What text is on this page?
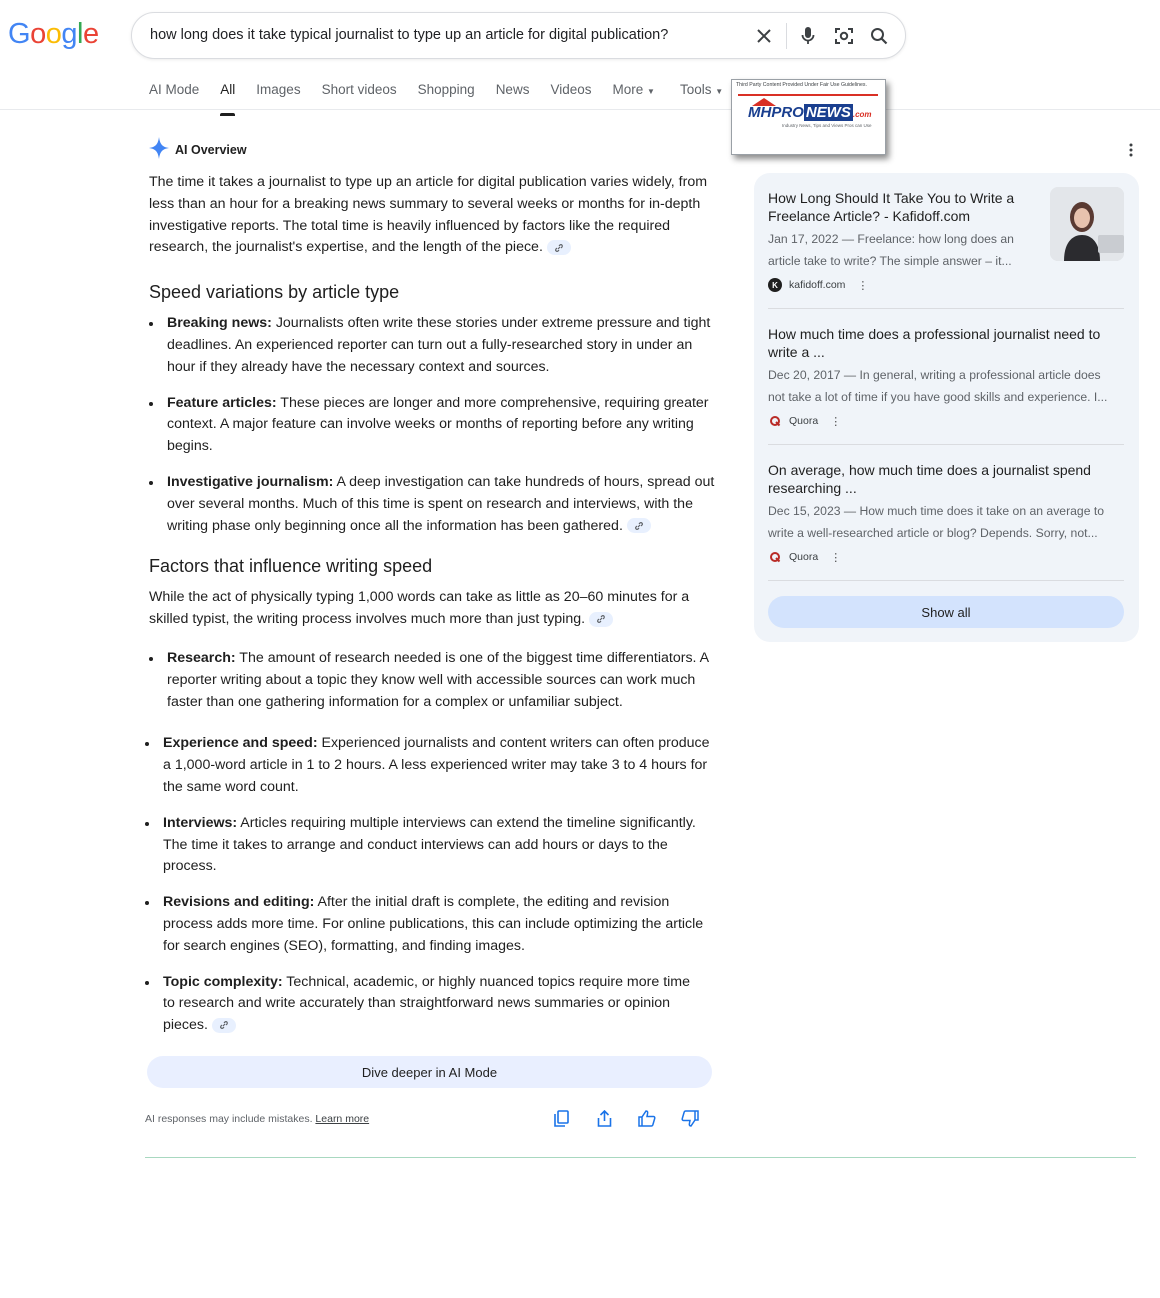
Google	how long does it take typical journalist to type up an article for digital publication?
AI Mode All Images Short videos Shopping News Videos More ▼ Tools ▼
Third Party Content Provided Under Fair Use Guidelines.
MHPRO NEWS .com
Industry News, Tips and Views Pros can Use
AI Overview

The time it takes a journalist to type up an article for digital publication varies widely, from less than an hour for a breaking news summary to several weeks or months for in-depth investigative reports. The total time is heavily influenced by factors like the required research, the journalist's expertise, and the length of the piece.

Speed variations by article type
Breaking news: Journalists often write these stories under extreme pressure and tight deadlines. An experienced reporter can turn out a fully-researched story in under an hour if they already have the necessary context and sources.
Feature articles: These pieces are longer and more comprehensive, requiring greater context. A major feature can involve weeks or months of reporting before any writing begins.
Investigative journalism: A deep investigation can take hundreds of hours, spread out over several months. Much of this time is spent on research and interviews, with the writing phase only beginning once all the information has been gathered.
Factors that influence writing speed

While the act of physically typing 1,000 words can take as little as 20–60 minutes for a skilled typist, the writing process involves much more than just typing.

Research: The amount of research needed is one of the biggest time differentiators. A reporter writing about a topic they know well with accessible sources can work much faster than one gathering information for a complex or unfamiliar subject.
Experience and speed: Experienced journalists and content writers can often produce a 1,000-word article in 1 to 2 hours. A less experienced writer may take 3 to 4 hours for the same word count.
Interviews: Articles requiring multiple interviews can extend the timeline significantly. The time it takes to arrange and conduct interviews can add hours or days to the process.
Revisions and editing: After the initial draft is complete, the editing and revision process adds more time. For online publications, this can include optimizing the article for search engines (SEO), formatting, and finding images.
Topic complexity: Technical, academic, or highly nuanced topics require more time to research and write accurately than straightforward news summaries or opinion pieces.
Dive deeper in AI Mode
AI responses may include mistakes. Learn more
How Long Should It Take You to Write a Freelance Article? - Kafidoff.com
Jan 17, 2022 — Freelance: how long does an
article take to write? The simple answer – it...
K	kafidoff.com ⋮
How much time does a professional journalist need to
write a ...
Dec 20, 2017 — In general, writing a professional article does
not take a lot of time if you have good skills and experience. I...
Quora ⋮
On average, how much time does a journalist spend
researching ...
Dec 15, 2023 — How much time does it take on an average to
write a well-researched article or blog? Depends. Sorry, not...
Quora ⋮
Show all
